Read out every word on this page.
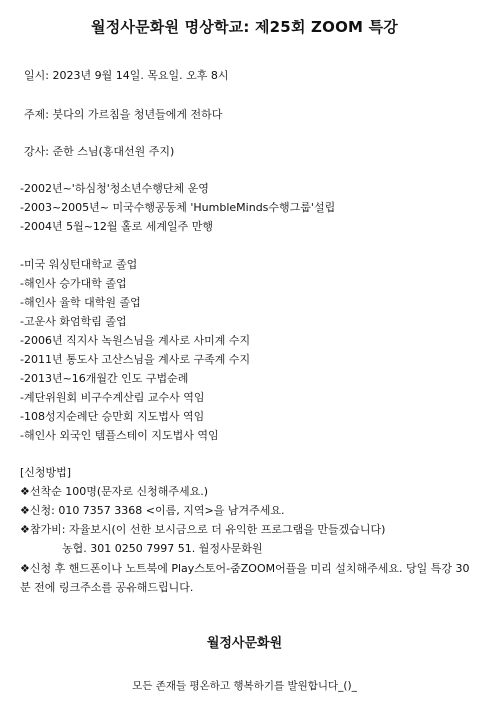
월정사문화원 명상학교: 제25회 ZOOM 특강
일시: 2023년 9월 14일. 목요일. 오후 8시
주제: 붓다의 가르침을 청년들에게 전하다
강사: 준한 스님(홍대선원 주지)
-2002년~'하심청'청소년수행단체 운영
-2003~2005년~ 미국수행공동체 'HumbleMinds수행그룹'설립
-2004년 5월~12월 홀로 세계일주 만행
-미국 워싱턴대학교 졸업
-해인사 승가대학 졸업
-해인사 율학 대학원 졸업
-고운사 화엄학림 졸업
-2006년 직지사 녹원스님을 계사로 사미계 수지
-2011년 통도사 고산스님을 계사로 구족계 수지
-2013년~16개월간 인도 구법순례
-계단위원회 비구수계산림 교수사 역임
-108성지순례단 승만회 지도법사 역임
-해인사 외국인 템플스테이 지도법사 역임
[신청방법]
❖선착순 100명(문자로 신청해주세요.)
❖신청: 010 7357 3368 <이름, 지역>을 남겨주세요.
❖참가비: 자율보시(이 선한 보시금으로 더 유익한 프로그램을 만들겠습니다)
농협. 301 0250 7997 51. 월정사문화원
❖신청 후 핸드폰이나 노트북에 Play스토어-줌ZOOM어플을 미리 설치해주세요. 당일 특강 30분 전에 링크주소를 공유해드립니다.
월정사문화원
모든 존재들 평온하고 행복하기를 발원합니다_()_
